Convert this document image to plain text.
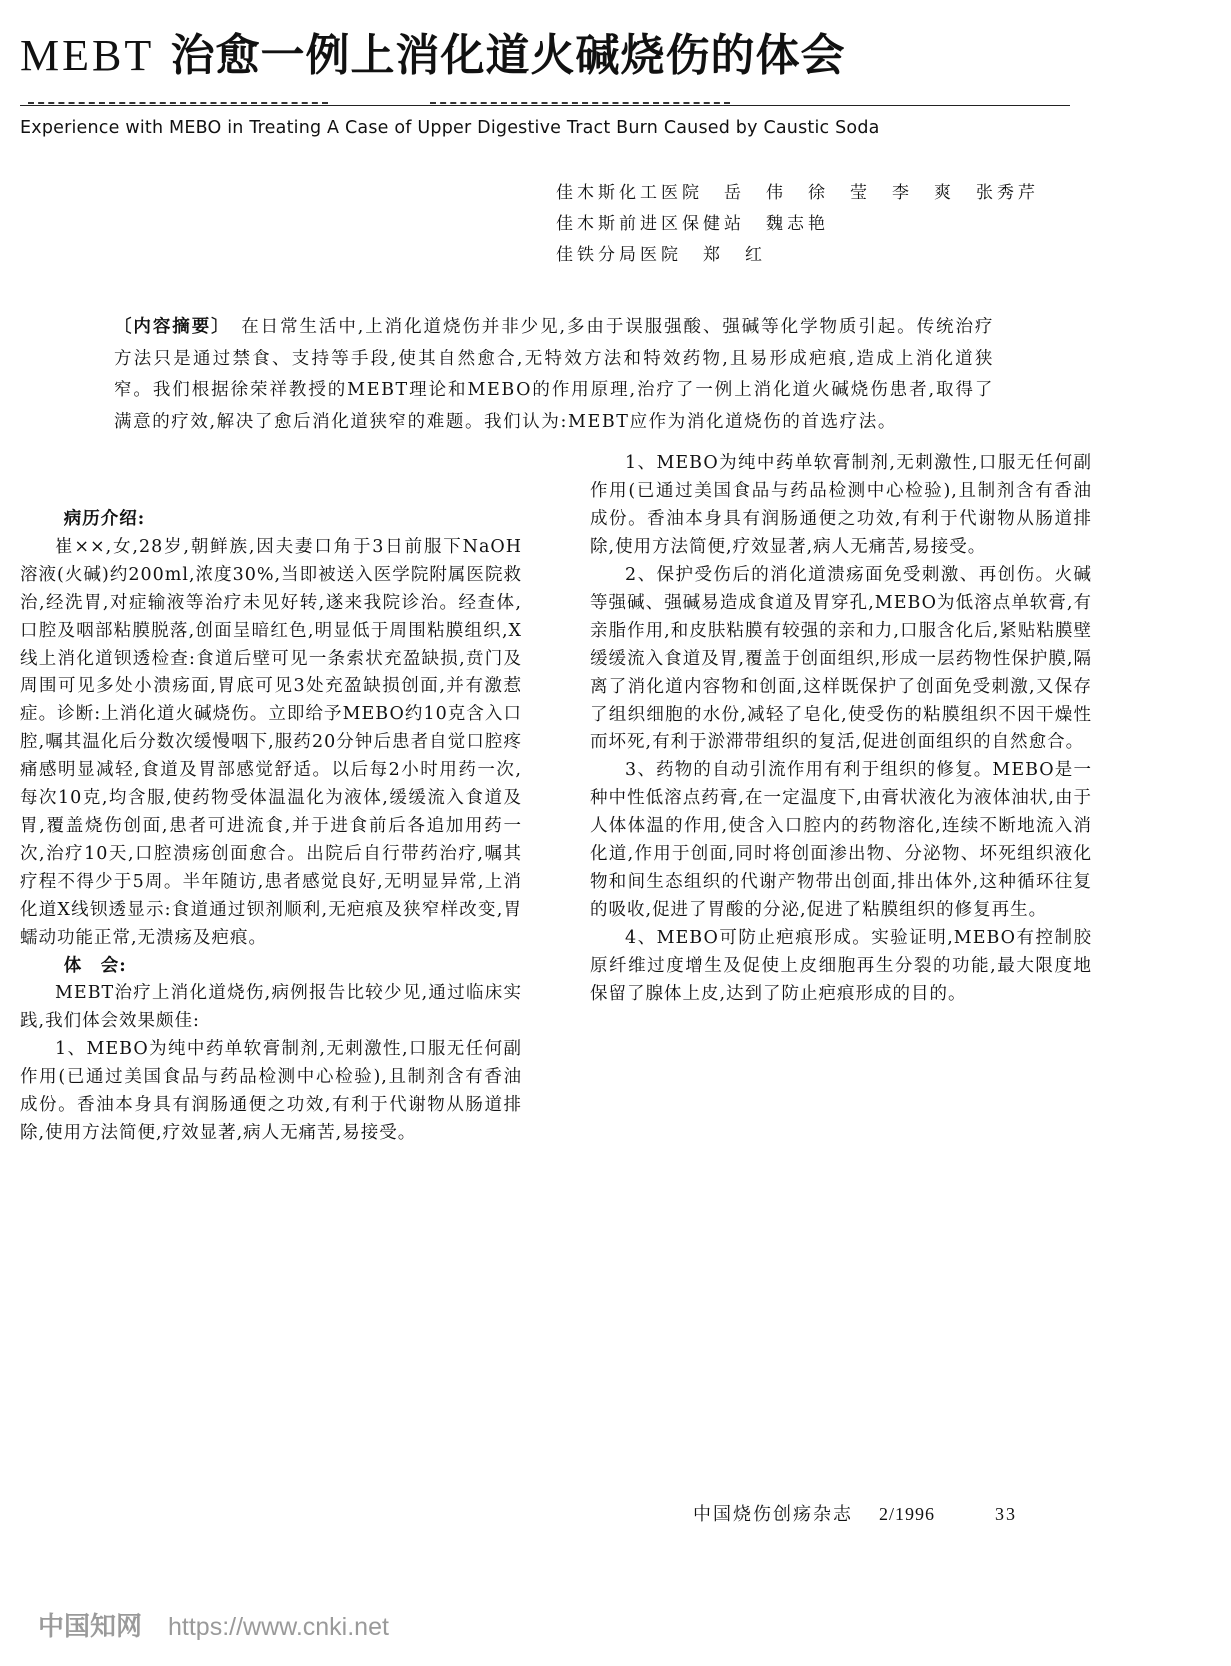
MEBT 治愈一例上消化道火碱烧伤的体会
Experience with MEBO in Treating A Case of Upper Digestive Tract Burn Caused by Caustic Soda
佳木斯化工医院　岳　伟　徐　莹　李　爽　张秀芹
佳木斯前进区保健站　魏志艳
佳铁分局医院　郑　红
〔内容摘要〕　在日常生活中,上消化道烧伤并非少见,多由于误服强酸、强碱等化学物质引起。传统治疗方法只是通过禁食、支持等手段,使其自然愈合,无特效方法和特效药物,且易形成疤痕,造成上消化道狭窄。我们根据徐荣祥教授的MEBT理论和MEBO的作用原理,治疗了一例上消化道火碱烧伤患者,取得了满意的疗效,解决了愈后消化道狭窄的难题。我们认为:MEBT应作为消化道烧伤的首选疗法。

病历介绍:

崔××,女,28岁,朝鲜族,因夫妻口角于3日前服下NaOH溶液(火碱)约200ml,浓度30%,当即被送入医学院附属医院救治,经洗胃,对症输液等治疗未见好转,遂来我院诊治。经查体,口腔及咽部粘膜脱落,创面呈暗红色,明显低于周围粘膜组织,X线上消化道钡透检查:食道后壁可见一条索状充盈缺损,贲门及周围可见多处小溃疡面,胃底可见3处充盈缺损创面,并有激惹症。诊断:上消化道火碱烧伤。立即给予MEBO约10克含入口腔,嘱其温化后分数次缓慢咽下,服药20分钟后患者自觉口腔疼痛感明显减轻,食道及胃部感觉舒适。以后每2小时用药一次,每次10克,均含服,使药物受体温温化为液体,缓缓流入食道及胃,覆盖烧伤创面,患者可进流食,并于进食前后各追加用药一次,治疗10天,口腔溃疡创面愈合。出院后自行带药治疗,嘱其疗程不得少于5周。半年随访,患者感觉良好,无明显异常,上消化道X线钡透显示:食道通过钡剂顺利,无疤痕及狭窄样改变,胃蠕动功能正常,无溃疡及疤痕。

体　会:

MEBT治疗上消化道烧伤,病例报告比较少见,通过临床实践,我们体会效果颇佳:

1、MEBO为纯中药单软膏制剂,无刺激性,口服无任何副作用(已通过美国食品与药品检测中心检验),且制剂含有香油成份。香油本身具有润肠通便之功效,有利于代谢物从肠道排除,使用方法简便,疗效显著,病人无痛苦,易接受。

1、MEBO为纯中药单软膏制剂,无刺激性,口服无任何副作用(已通过美国食品与药品检测中心检验),且制剂含有香油成份。香油本身具有润肠通便之功效,有利于代谢物从肠道排除,使用方法简便,疗效显著,病人无痛苦,易接受。

2、保护受伤后的消化道溃疡面免受刺激、再创伤。火碱等强碱、强碱易造成食道及胃穿孔,MEBO为低溶点单软膏,有亲脂作用,和皮肤粘膜有较强的亲和力,口服含化后,紧贴粘膜壁缓缓流入食道及胃,覆盖于创面组织,形成一层药物性保护膜,隔离了消化道内容物和创面,这样既保护了创面免受刺激,又保存了组织细胞的水份,减轻了皂化,使受伤的粘膜组织不因干燥性而坏死,有利于淤滞带组织的复活,促进创面组织的自然愈合。

3、药物的自动引流作用有利于组织的修复。MEBO是一种中性低溶点药膏,在一定温度下,由膏状液化为液体油状,由于人体体温的作用,使含入口腔内的药物溶化,连续不断地流入消化道,作用于创面,同时将创面渗出物、分泌物、坏死组织液化物和间生态组织的代谢产物带出创面,排出体外,这种循环往复的吸收,促进了胃酸的分泌,促进了粘膜组织的修复再生。

4、MEBO可防止疤痕形成。实验证明,MEBO有控制胶原纤维过度增生及促使上皮细胞再生分裂的功能,最大限度地保留了腺体上皮,达到了防止疤痕形成的目的。

中国烧伤创疡杂志 2/1996	33
中国知网 https://www.cnki.net
